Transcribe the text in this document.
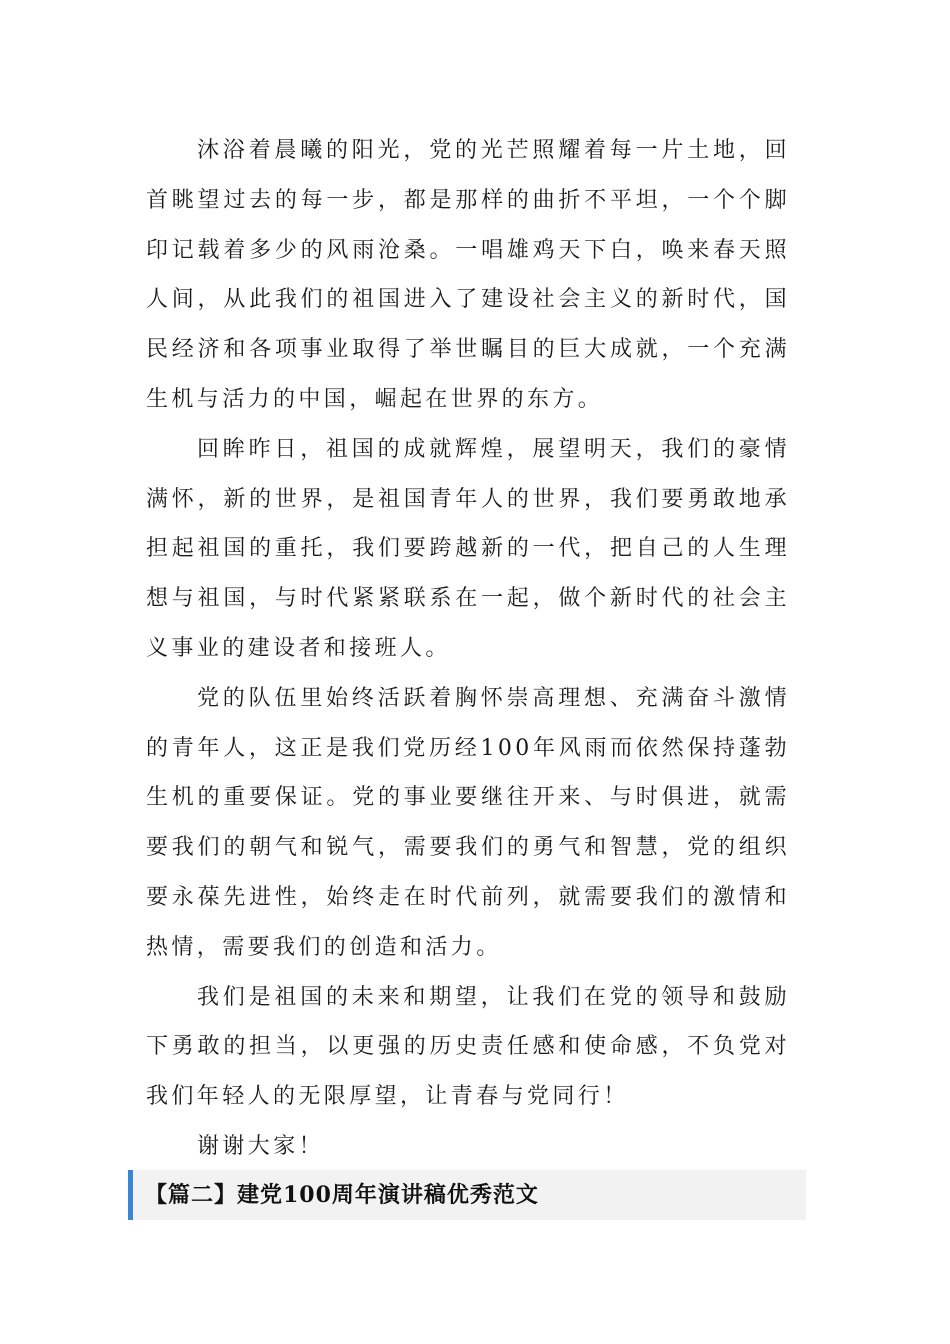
沐浴着晨曦的阳光，党的光芒照耀着每一片土地，回首眺望过去的每一步，都是那样的曲折不平坦，一个个脚印记载着多少的风雨沧桑。一唱雄鸡天下白，唤来春天照人间，从此我们的祖国进入了建设社会主义的新时代，国民经济和各项事业取得了举世瞩目的巨大成就，一个充满生机与活力的中国，崛起在世界的东方。

回眸昨日，祖国的成就辉煌，展望明天，我们的豪情满怀，新的世界，是祖国青年人的世界，我们要勇敢地承担起祖国的重托，我们要跨越新的一代，把自己的人生理想与祖国，与时代紧紧联系在一起，做个新时代的社会主义事业的建设者和接班人。

党的队伍里始终活跃着胸怀崇高理想、充满奋斗激情的青年人，这正是我们党历经100年风雨而依然保持蓬勃生机的重要保证。党的事业要继往开来、与时俱进，就需要我们的朝气和锐气，需要我们的勇气和智慧，党的组织要永葆先进性，始终走在时代前列，就需要我们的激情和热情，需要我们的创造和活力。

我们是祖国的未来和期望，让我们在党的领导和鼓励下勇敢的担当，以更强的历史责任感和使命感，不负党对我们年轻人的无限厚望，让青春与党同行！

谢谢大家！

【篇二】建党100周年演讲稿优秀范文
